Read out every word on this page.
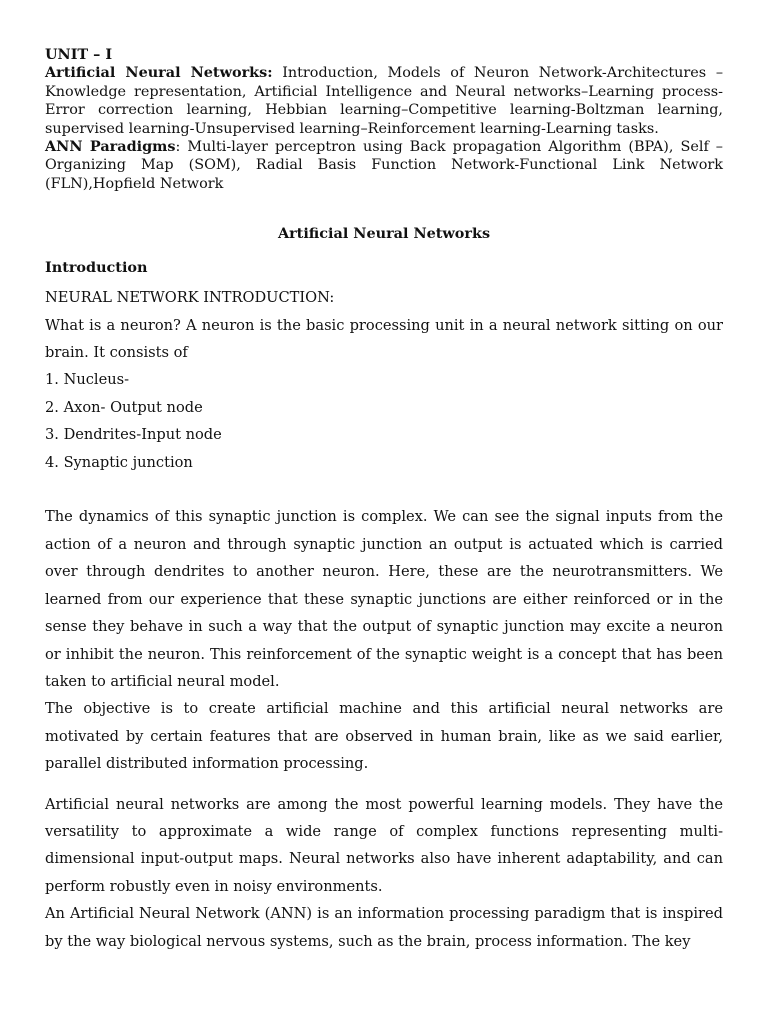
UNIT – I

Artificial Neural Networks: Introduction, Models of Neuron Network-Architectures –Knowledge representation, Artificial Intelligence and Neural networks–Learning process-Error correction learning, Hebbian learning–Competitive learning-Boltzman learning, supervised learning-Unsupervised learning–Reinforcement learning-Learning tasks.

ANN Paradigms: Multi-layer perceptron using Back propagation Algorithm (BPA), Self –Organizing Map (SOM), Radial Basis Function Network-Functional Link Network (FLN),Hopfield Network

Artificial Neural Networks
Introduction

NEURAL NETWORK INTRODUCTION:

What is a neuron? A neuron is the basic processing unit in a neural network sitting on our brain. It consists of

1. Nucleus-
2. Axon- Output node
3. Dendrites-Input node
4. Synaptic junction

The dynamics of this synaptic junction is complex. We can see the signal inputs from the action of a neuron and through synaptic junction an output is actuated which is carried over through dendrites to another neuron. Here, these are the neurotransmitters. We learned from our experience that these synaptic junctions are either reinforced or in the sense they behave in such a way that the output of synaptic junction may excite a neuron or inhibit the neuron. This reinforcement of the synaptic weight is a concept that has been taken to artificial neural model.

The objective is to create artificial machine and this artificial neural networks are motivated by certain features that are observed in human brain, like as we said earlier, parallel distributed information processing.

Artificial neural networks are among the most powerful learning models. They have the versatility to approximate a wide range of complex functions representing multi-dimensional input-output maps. Neural networks also have inherent adaptability, and can perform robustly even in noisy environments.

An Artificial Neural Network (ANN) is an information processing paradigm that is inspired by the way biological nervous systems, such as the brain, process information. The key
